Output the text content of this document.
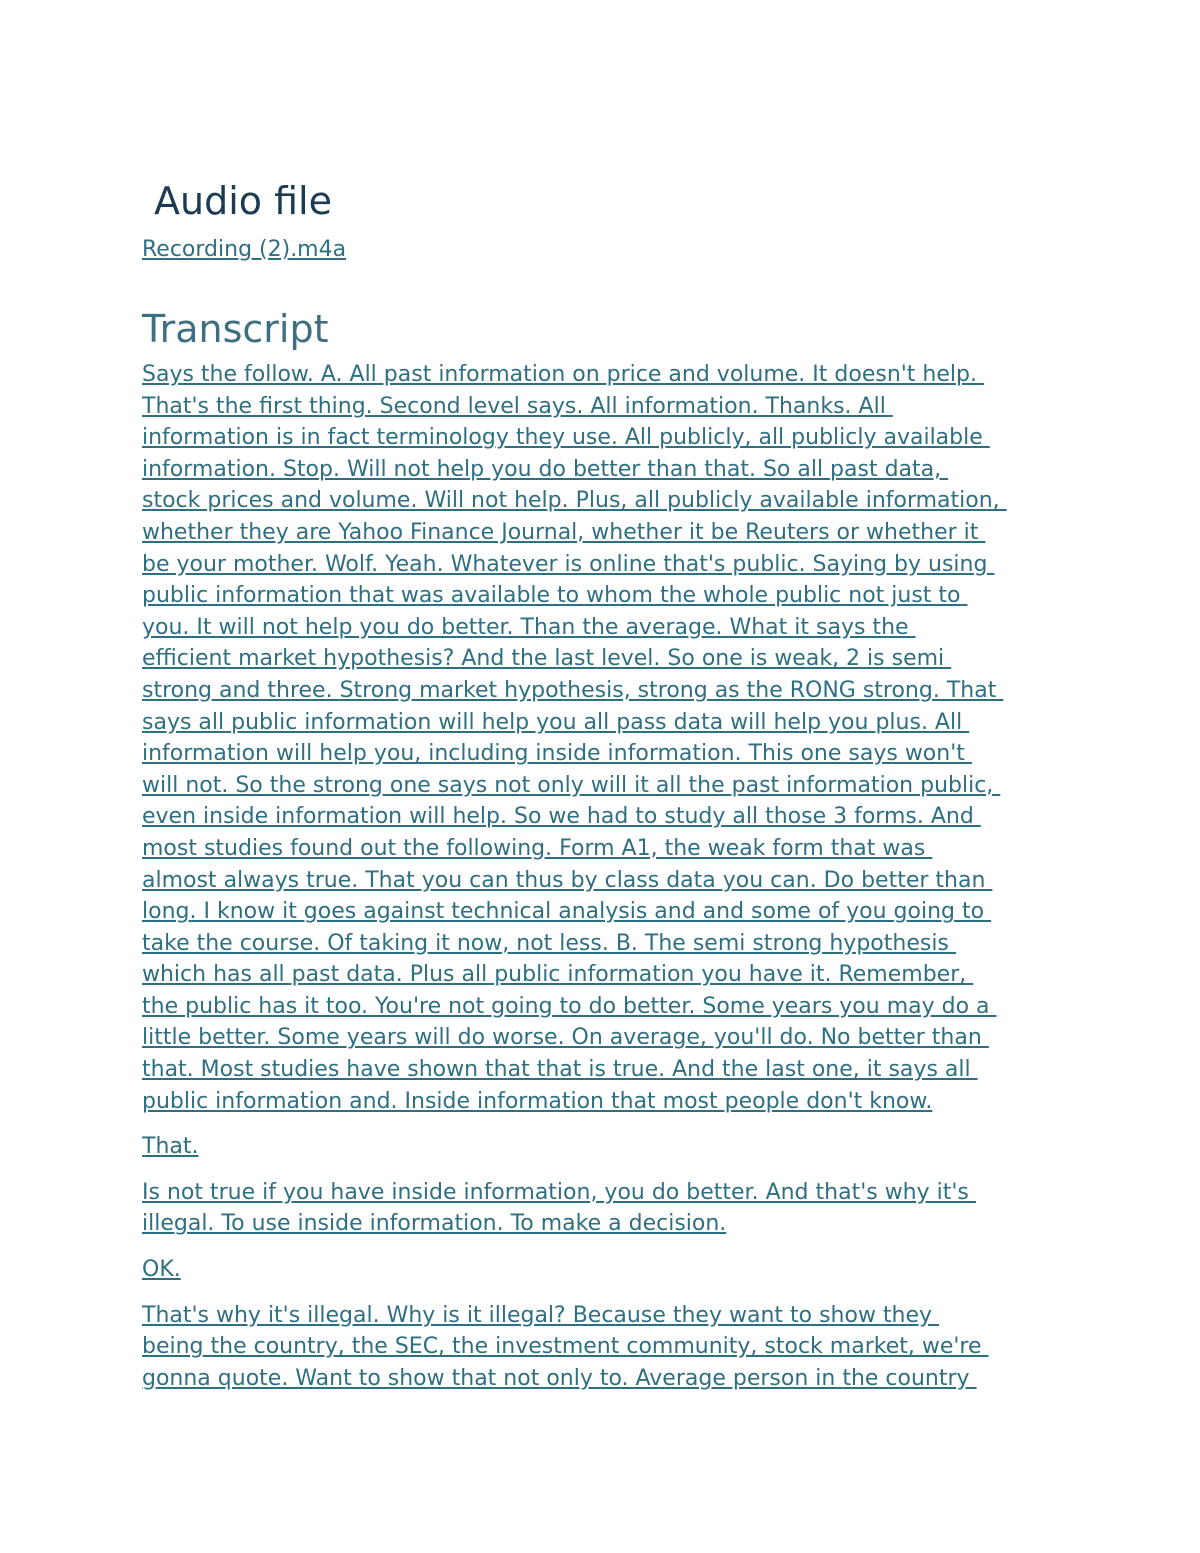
Audio file
Recording (2).m4a
Transcript

Says the follow. A. All past information on price and volume. It doesn't help.
That's the first thing. Second level says. All information. Thanks. All
information is in fact terminology they use. All publicly, all publicly available
information. Stop. Will not help you do better than that. So all past data,
stock prices and volume. Will not help. Plus, all publicly available information,
whether they are Yahoo Finance Journal, whether it be Reuters or whether it
be your mother. Wolf. Yeah. Whatever is online that's public. Saying by using
public information that was available to whom the whole public not just to
you. It will not help you do better. Than the average. What it says the
efficient market hypothesis? And the last level. So one is weak, 2 is semi
strong and three. Strong market hypothesis, strong as the RONG strong. That
says all public information will help you all pass data will help you plus. All
information will help you, including inside information. This one says won't
will not. So the strong one says not only will it all the past information public,
even inside information will help. So we had to study all those 3 forms. And
most studies found out the following. Form A1, the weak form that was
almost always true. That you can thus by class data you can. Do better than
long. I know it goes against technical analysis and and some of you going to
take the course. Of taking it now, not less. B. The semi strong hypothesis
which has all past data. Plus all public information you have it. Remember,
the public has it too. You're not going to do better. Some years you may do a
little better. Some years will do worse. On average, you'll do. No better than
that. Most studies have shown that that is true. And the last one, it says all
public information and. Inside information that most people don't know.

That.

Is not true if you have inside information, you do better. And that's why it's
illegal. To use inside information. To make a decision.

OK.

That's why it's illegal. Why is it illegal? Because they want to show they
being the country, the SEC, the investment community, stock market, we're
gonna quote. Want to show that not only to. Average person in the country
